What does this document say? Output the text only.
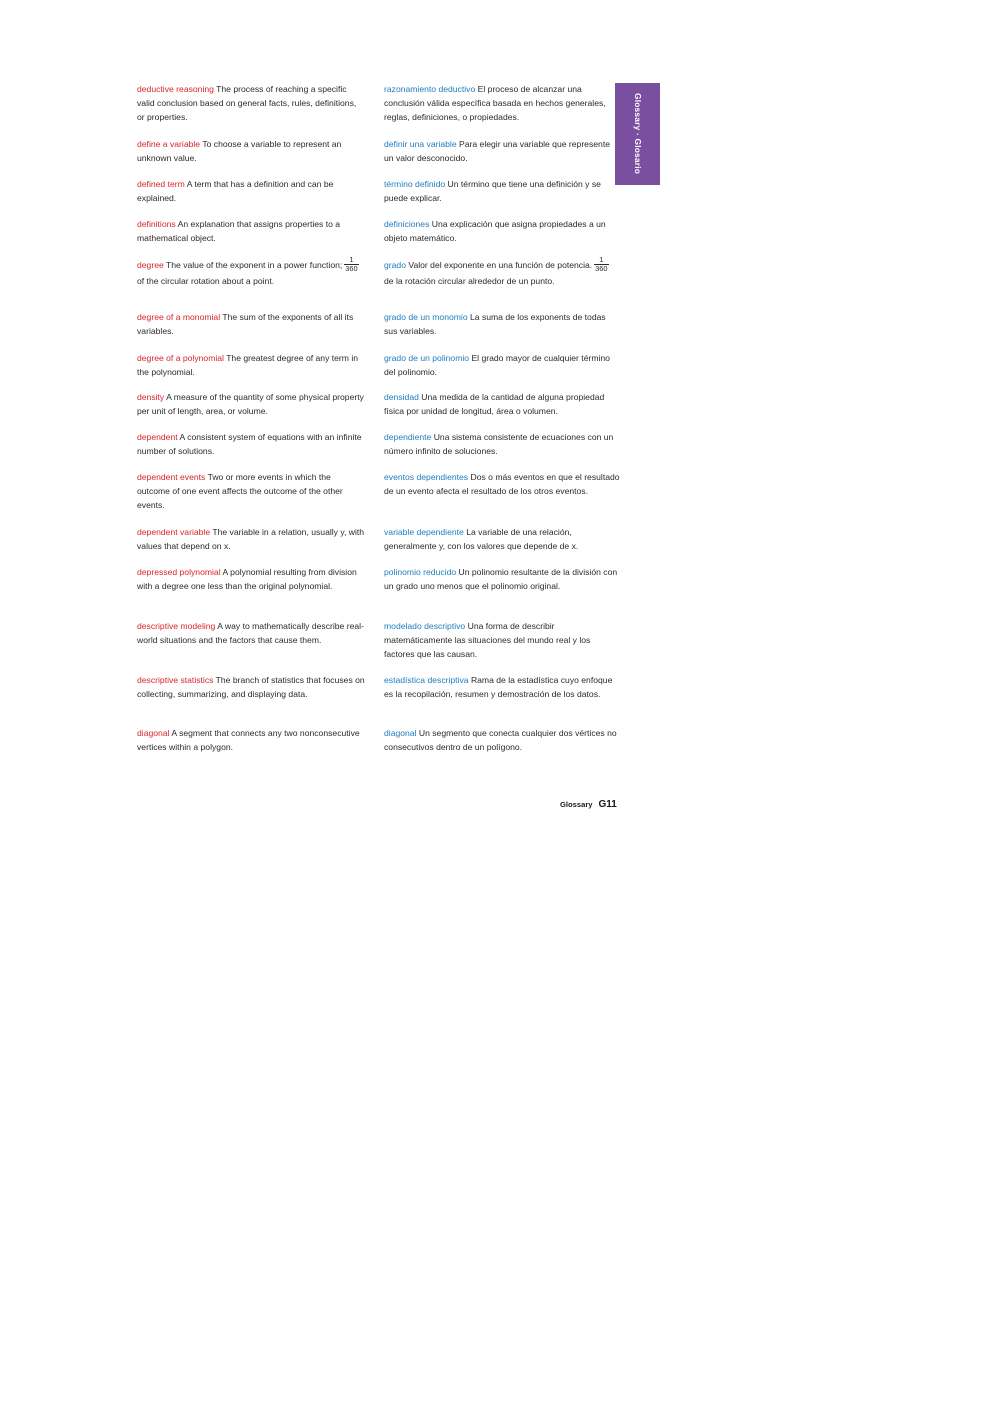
Glossary · Glosario

deductive reasoning The process of reaching a specific valid conclusion based on general facts, rules, definitions, or properties.

define a variable To choose a variable to represent an unknown value.

defined term A term that has a definition and can be explained.

definitions An explanation that assigns properties to a mathematical object.

degree The value of the exponent in a power function; $\frac{1}{360}$
of the circular rotation about a point.

degree of a monomial The sum of the exponents of all its variables.

degree of a polynomial The greatest degree of any term in the polynomial.

density A measure of the quantity of some physical property per unit of length, area, or volume.

dependent A consistent system of equations with an infinite number of solutions.

dependent events Two or more events in which the outcome of one event affects the outcome of the other events.

dependent variable The variable in a relation, usually y, with values that depend on x.

depressed polynomial A polynomial resulting from division with a degree one less than the original polynomial.

descriptive modeling A way to mathematically describe real-world situations and the factors that cause them.

descriptive statistics The branch of statistics that focuses on collecting, summarizing, and displaying data.

diagonal A segment that connects any two nonconsecutive vertices within a polygon.

razonamiento deductivo El proceso de alcanzar una conclusión válida específica basada en hechos generales, reglas, definiciones, o propiedades.

definir una variable Para elegir una variable que represente un valor desconocido.

término definido Un término que tiene una definición y se puede explicar.

definiciones Una explicación que asigna propiedades a un objeto matemático.

grado Valor del exponente en una función de potencia. $\frac{1}{360}$
de la rotación circular alrededor de un punto.

grado de un monomio La suma de los exponents de todas sus variables.

grado de un polinomio El grado mayor de cualquier término del polinomio.

densidad Una medida de la cantidad de alguna propiedad física por unidad de longitud, área o volumen.

dependiente Una sistema consistente de ecuaciones con un número infinito de soluciones.

eventos dependientes Dos o más eventos en que el resultado de un evento afecta el resultado de los otros eventos.

variable dependiente La variable de una relación, generalmente y, con los valores que depende de x.

polinomio reducido Un polinomio resultante de la división con un grado uno menos que el polinomio original.

modelado descriptivo Una forma de describir matemáticamente las situaciones del mundo real y los factores que las causan.

estadística descriptiva Rama de la estadística cuyo enfoque es la recopilación, resumen y demostración de los datos.

diagonal Un segmento que conecta cualquier dos vértices no consecutivos dentro de un polígono.

Glossary G11
